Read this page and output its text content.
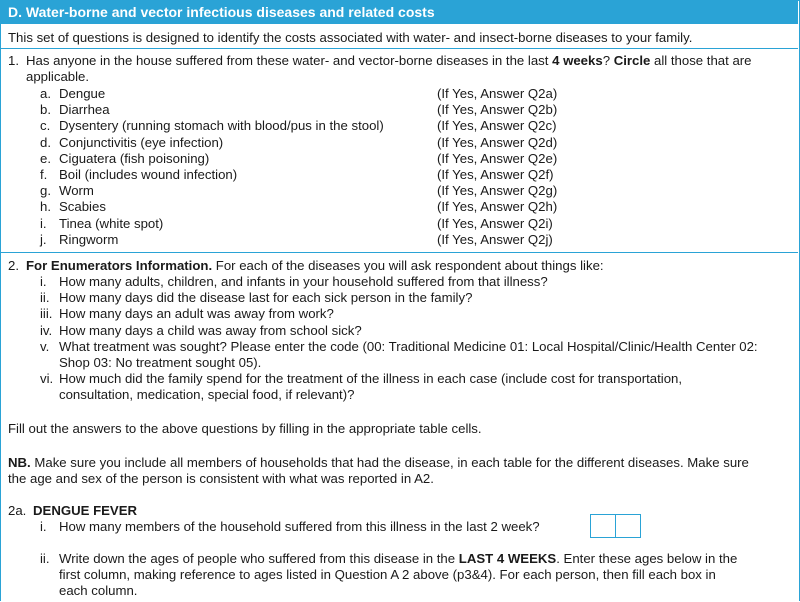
D. Water-borne and vector infectious diseases and related costs
This set of questions is designed to identify the costs associated with water- and insect-borne diseases to your family.
1. Has anyone in the house suffered from these water- and vector-borne diseases in the last 4 weeks? Circle all those that are
applicable.
a. Dengue	(If Yes, Answer Q2a)
b. Diarrhea	(If Yes, Answer Q2b)
c. Dysentery (running stomach with blood/pus in the stool)	(If Yes, Answer Q2c)
d. Conjunctivitis (eye infection)	(If Yes, Answer Q2d)
e. Ciguatera (fish poisoning)	(If Yes, Answer Q2e)
f. Boil (includes wound infection)	(If Yes, Answer Q2f)
g. Worm	(If Yes, Answer Q2g)
h. Scabies	(If Yes, Answer Q2h)
i. Tinea (white spot)	(If Yes, Answer Q2i)
j. Ringworm	(If Yes, Answer Q2j)
2. For Enumerators Information. For each of the diseases you will ask respondent about things like:
i. How many adults, children, and infants in your household suffered from that illness?
ii. How many days did the disease last for each sick person in the family?
iii. How many days an adult was away from work?
iv. How many days a child was away from school sick?
v. What treatment was sought? Please enter the code (00: Traditional Medicine 01: Local Hospital/Clinic/Health Center 02:
Shop 03: No treatment sought 05).
vi. How much did the family spend for the treatment of the illness in each case (include cost for transportation,
consultation, medication, special food, if relevant)?
Fill out the answers to the above questions by filling in the appropriate table cells.
NB. Make sure you include all members of households that had the disease, in each table for the different diseases. Make sure
the age and sex of the person is consistent with what was reported in A2.
2a. DENGUE FEVER
i. How many members of the household suffered from this illness in the last 2 week?
ii. Write down the ages of people who suffered from this disease in the LAST 4 WEEKS. Enter these ages below in the
first column, making reference to ages listed in Question A 2 above (p3&4). For each person, then fill each box in
each column.
